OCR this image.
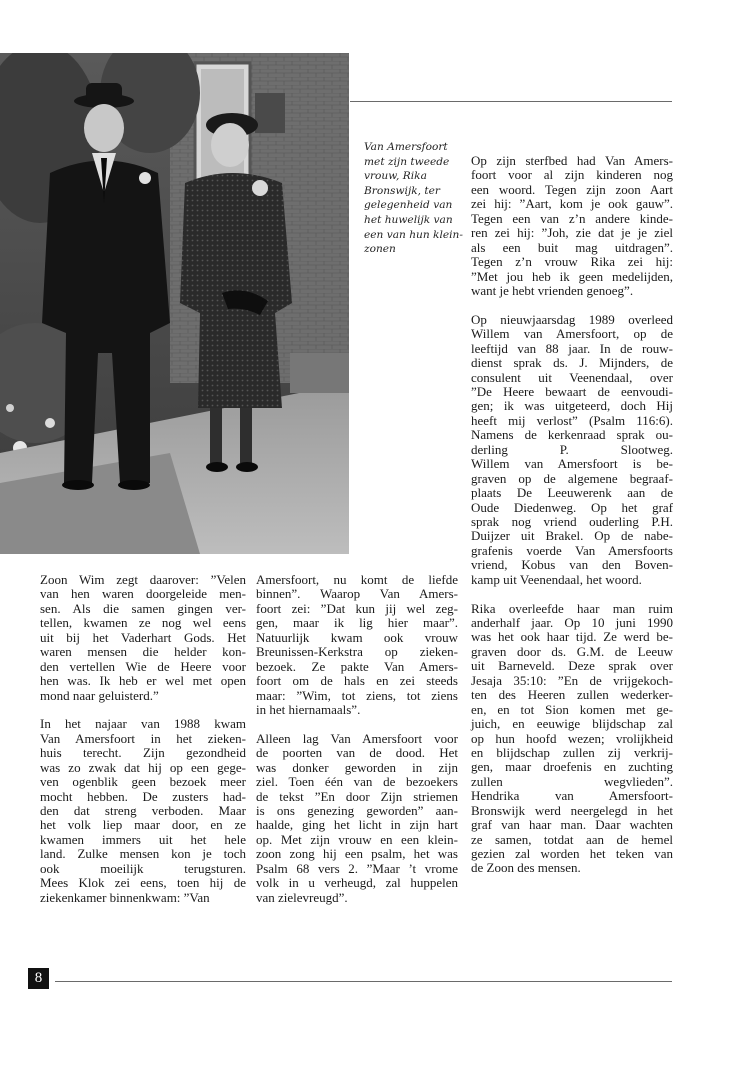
Van Amersfoort
met zijn tweede
vrouw, Rika
Bronswijk, ter
gelegenheid van
het huwelijk van
een van hun klein-
zonen
Zoon Wim zegt daarover: ”Velen
van hen waren doorgeleide men-
sen. Als die samen gingen ver-
tellen, kwamen ze nog wel eens
uit bij het Vaderhart Gods. Het
waren mensen die helder kon-
den vertellen Wie de Heere voor
hen was. Ik heb er wel met open
mond naar geluisterd.”
In het najaar van 1988 kwam
Van Amersfoort in het zieken-
huis terecht. Zijn gezondheid
was zo zwak dat hij op een gege-
ven ogenblik geen bezoek meer
mocht hebben. De zusters had-
den dat streng verboden. Maar
het volk liep maar door, en ze
kwamen immers uit het hele
land. Zulke mensen kon je toch
ook moeilijk terugsturen.
Mees Klok zei eens, toen hij de
ziekenkamer binnenkwam: ”Van
Amersfoort, nu komt de liefde
binnen”. Waarop Van Amers-
foort zei: ”Dat kun jij wel zeg-
gen, maar ik lig hier maar”.
Natuurlijk kwam ook vrouw
Breunissen-Kerkstra op zieken-
bezoek. Ze pakte Van Amers-
foort om de hals en zei steeds
maar: ”Wim, tot ziens, tot ziens
in het hiernamaals”.
Alleen lag Van Amersfoort voor
de poorten van de dood. Het
was donker geworden in zijn
ziel. Toen één van de bezoekers
de tekst ”En door Zijn striemen
is ons genezing geworden” aan-
haalde, ging het licht in zijn hart
op. Met zijn vrouw en een klein-
zoon zong hij een psalm, het was
Psalm 68 vers 2. ”Maar ’t vrome
volk in u verheugd, zal huppelen
van zielevreugd”.
Op zijn sterfbed had Van Amers-
foort voor al zijn kinderen nog
een woord. Tegen zijn zoon Aart
zei hij: ”Aart, kom je ook gauw”.
Tegen een van z’n andere kinde-
ren zei hij: ”Joh, zie dat je je ziel
als een buit mag uitdragen”.
Tegen z’n vrouw Rika zei hij:
”Met jou heb ik geen medelijden,
want je hebt vrienden genoeg”.
Op nieuwjaarsdag 1989 overleed
Willem van Amersfoort, op de
leeftijd van 88 jaar. In de rouw-
dienst sprak ds. J. Mijnders, de
consulent uit Veenendaal, over
”De Heere bewaart de eenvoudi-
gen; ik was uitgeteerd, doch Hij
heeft mij verlost” (Psalm 116:6).
Namens de kerkenraad sprak ou-
derling P. Slootweg.
Willem van Amersfoort is be-
graven op de algemene begraaf-
plaats De Leeuwerenk aan de
Oude Diedenweg. Op het graf
sprak nog vriend ouderling P.H.
Duijzer uit Brakel. Op de nabe-
grafenis voerde Van Amersfoorts
vriend, Kobus van den Boven-
kamp uit Veenendaal, het woord.
Rika overleefde haar man ruim
anderhalf jaar. Op 10 juni 1990
was het ook haar tijd. Ze werd be-
graven door ds. G.M. de Leeuw
uit Barneveld. Deze sprak over
Jesaja 35:10: ”En de vrijgekoch-
ten des Heeren zullen wederker-
en, en tot Sion komen met ge-
juich, en eeuwige blijdschap zal
op hun hoofd wezen; vrolijkheid
en blijdschap zullen zij verkrij-
gen, maar droefenis en zuchting
zullen wegvlieden”.
Hendrika van Amersfoort-
Bronswijk werd neergelegd in het
graf van haar man. Daar wachten
ze samen, totdat aan de hemel
gezien zal worden het teken van
de Zoon des mensen.
8
